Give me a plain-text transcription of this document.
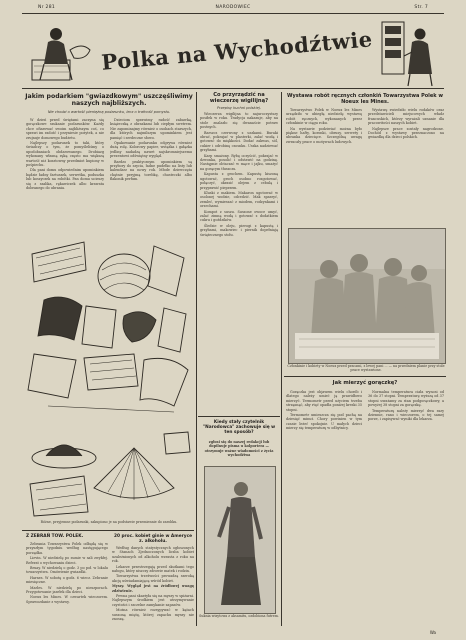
Nr 281	NARODOWIEC	Str. 7
Polka na Wychodźtwie
Jakim podarkiem "gwiazdkowym" uszczęśliwimy naszych najbliższych.
Nie chodzi o wartość pieniężną podarunku, lecz o trafność pomysłu.

W dzień przed świętami zaczyna się gorączkowe szukanie podarunków. Każdy chce ofiarować swoim najbliższym coś, co sprawi im radość i przyniesie pożytek, a nie zrujnuje domowego budżetu.

Najlepszy podarunek to taki, który świadczy o tym, że pomyśleliśmy o upodobaniach obdarowanego. Drobiazg wykonany własną ręką często ma większą wartość niż kosztowny przedmiot kupiony w pośpiechu.

Dla pani domu odpowiednim upominkiem będzie ładny fartuszek, serwetka, poduszka lub koszyczek na robótki. Pan domu ucieszy się z szalika, rękawiczek albo krawata dobranego do ubrania.

Dzieciom sprawimy radość zabawką, książeczką z obrazkami lub ciepłym swetrem. Nie zapominajmy również o osobach starszych, dla których najmilszym upominkiem jest pamięć i serdeczne słowo.

Opakowanie podarunku odgrywa również dużą rolę. Kolorowy papier, wstążka i gałązka jedliny nadadzą nawet najskromniejszemu prezentowi odświętny wygląd.

Bardzo praktycznym upominkiem są przybory do szycia, ładne pudełko na listy lub kalendarz na nowy rok. Młode dziewczęta chętnie przyjmą torebkę, chusteczki albo flakonik perfum.

Różne, przyjemne podarunki, zakupiono je na podstawie przemiennie do zarobku.
Z ZEBRAŃ TOW. POLEK.

Zebrania Towarzystwa Polek odbędą się w przyszłym tygodniu według następującego porządku.

Lievin. W niedzielę po sumie w sali zwykłej. Referat o wychowaniu dzieci.

Bruay. W niedzielę o godz. 3 po poł. w lokalu towarzystwa. Omówienie gwiazdki.

Harnes. W sobotę o godz. 6 wiecz. Zebranie miesięczne.

Marles. W niedzielę po nieszporach. Przygotowanie jasełek dla dzieci.

Noeux les Mines. W czwartek wieczorem. Sprawozdanie z wystawy.

20 proc. kobiet ginie w Ameryce z. alkoholu.

Według danych statystycznych ogłoszonych w Stanach Zjednoczonych liczba kobiet uzależnionych od alkoholu wzrasta z roku na rok.

Lekarze przestrzegają przed skutkami tego nałogu, który niszczy zdrowie matek i rodzin.

Towarzystwa trzeźwości prowadzą szeroką akcję uświadamiającą wśród kobiet.

Myszy. Wygląd jest na źródłowej uwagę zdziwienie.

Pewna pani skarżyła się na myszy w spiżarni. Najlepszym środkiem jest utrzymywanie czystości i szczelne zamykanie zapasów.

Można również rozsypywać w kątach suszoną miętę, której zapachu myszy nie znoszą.

Co przyrządzić na wieczerzę wigilijną?
Przepisy kuchni polskiej.

Wieczerza wigilijna to najuroczystszy posiłek w roku. Tradycja nakazuje, aby na stole znalazło się dwanaście potraw postnych.

Barszcz czerwony z uszkami. Buraki obrać, pokrajać w plasterki, zalać wodą i gotować do miękkości. Dodać zakwas, sól, cukier i odrobinę czosnku. Uszka nadziewać grzybami.

Karp smażony. Rybę oczyścić, pokrajać w dzwonka, posolić i odstawić na godzinę. Następnie obtaczać w mące i jajku, smażyć na gorącym tłuszczu.

Kapusta z grochem. Kapustę kiszoną ugotować, groch osobno rozgotować, połączyć, okrasić olejem z cebulą i przyprawić pieprzem.

Kluski z makiem. Makaron ugotować w osolonej wodzie, odcedzić. Mak sparzyć, zemleć, wymieszać z miodem, rodzynkami i orzechami.

Kompot z suszu. Suszone owoce umyć, zalać zimną wodą i gotować z dodatkiem cukru i goździków.

Śledzie w oleju, pierogi z kapustą i grzybami, makowiec i piernik dopełniają świątecznego stołu.

Kiedy stały czytelnik "Narodowca" zachowuje się w ten sposób?
zgłosi się do naszej redakcji lub dopilnuje pisma u kolportera — otrzymuje ważne wiadomości z życia wychodźtwa
Suknia wizytowa z aksamitu, ozdobiona futrem.
Wystawa robót ręcznych członkiń Towarzystwa Polek w Noeux les Mines.

Towarzystwo Polek w Noeux les Mines urządziło w ubiegłą niedzielę wystawę robót ręcznych, wykonanych przez członkinie w ciągu roku.

Na wystawie podziwiać można było piękne hafty, koronki, obrusy, serwety i ubranka dziecięce. Szczególną uwagę zwracały prace o motywach ludowych.

Wystawę zwiedziło wielu rodaków oraz przedstawicieli miejscowych władz francuskich, którzy wyrażali uznanie dla pracowitości naszych kobiet.

Najlepsze prace zostały nagrodzone. Dochód z wystawy przeznaczono na gwiazdkę dla dzieci polskich.

Członkinie i kobiety w Noeux przed pracami, z lewej pani ... — na przedniem planie przy stole prace wystawione.
Jak mierzyć gorączkę?

Gorączka jest objawem wielu chorób i dlatego należy umieć ją prawidłowo mierzyć. Termometr przed użyciem trzeba strząsnąć, aby rtęć opadła poniżej kreski 35 stopni.

Termometr umieszcza się pod pachą na dziesięć minut. Chory powinien w tym czasie leżeć spokojnie. U małych dzieci mierzy się temperaturę w odbytnicy.

Normalna temperatura ciała wynosi od 36 do 37 stopni. Temperaturę wyższą od 37 stopni uważamy za stan podgorączkowy, a powyżej 38 stopni za gorączkę.

Temperaturę należy mierzyć dwa razy dziennie, rano i wieczorem, o tej samej porze, i zapisywać wyniki dla lekarza.

Wa
